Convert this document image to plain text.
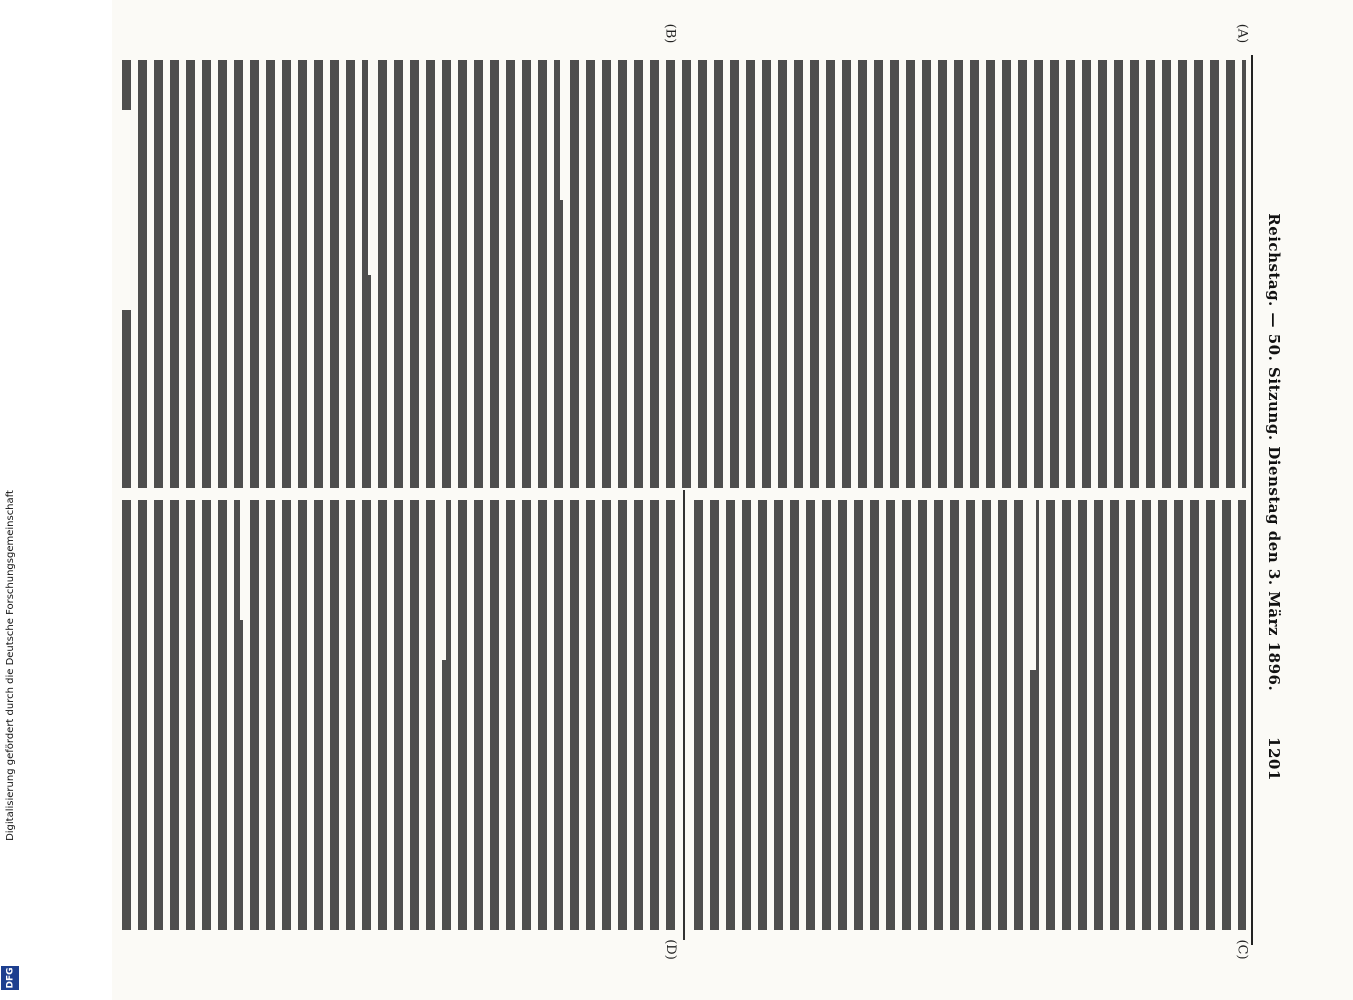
Reichstag. — 50. Sitzung. Dienstag den 3. März 1896.        1201
(A)
(B)
(C)
(D)
Digitalisierung gefördert durch die Deutsche Forschungsgemeinschaft
DFG
